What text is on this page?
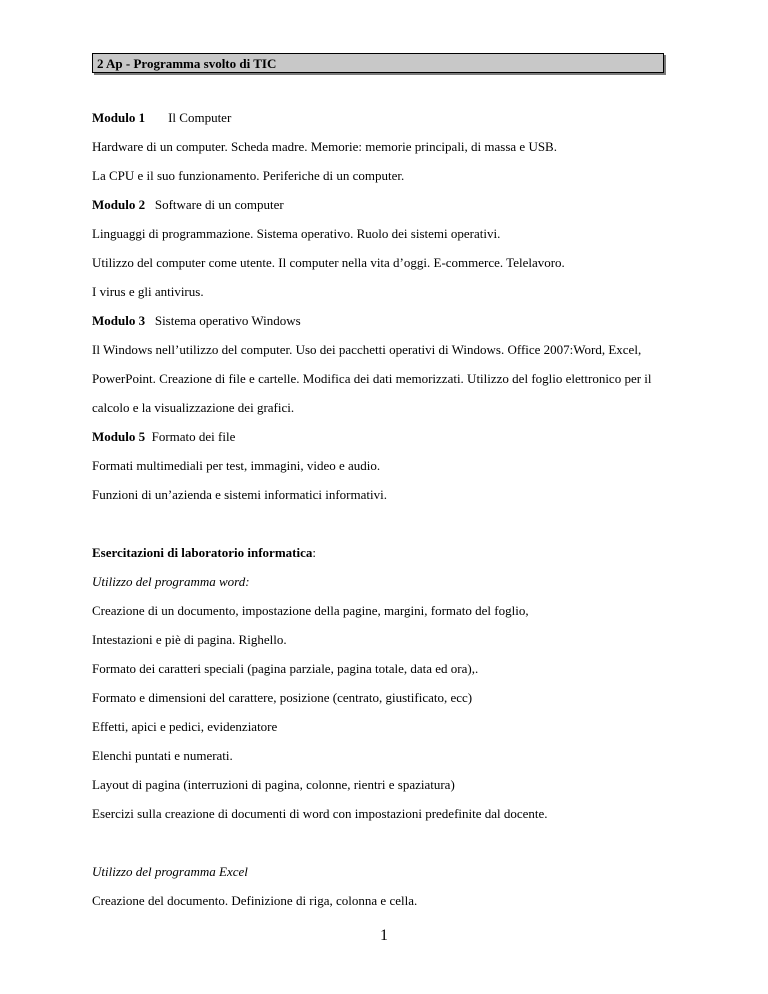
2 Ap - Programma svolto di TIC
Modulo 1 Il Computer
Hardware di un computer. Scheda madre. Memorie: memorie principali, di massa e USB.
La CPU e il suo funzionamento. Periferiche di un computer.
Modulo 2 Software di un computer
Linguaggi di programmazione. Sistema operativo. Ruolo dei sistemi operativi.
Utilizzo del computer come utente. Il computer nella vita d’oggi. E-commerce. Telelavoro.
I virus e gli antivirus.
Modulo 3 Sistema operativo Windows
Il Windows nell’utilizzo del computer. Uso dei pacchetti operativi di Windows. Office 2007:Word, Excel,
PowerPoint. Creazione di file e cartelle. Modifica dei dati memorizzati. Utilizzo del foglio elettronico per il
calcolo e la visualizzazione dei grafici.
Modulo 5 Formato dei file
Formati multimediali per test, immagini, video e audio.
Funzioni di un’azienda e sistemi informatici informativi.
Esercitazioni di laboratorio informatica:
Utilizzo del programma word:
Creazione di un documento, impostazione della pagine, margini, formato del foglio,
Intestazioni e piè di pagina. Righello.
Formato dei caratteri speciali (pagina parziale, pagina totale, data ed ora),.
Formato e dimensioni del carattere, posizione (centrato, giustificato, ecc)
Effetti, apici e pedici, evidenziatore
Elenchi puntati e numerati.
Layout di pagina (interruzioni di pagina, colonne, rientri e spaziatura)
Esercizi sulla creazione di documenti di word con impostazioni predefinite dal docente.
Utilizzo del programma Excel
Creazione del documento. Definizione di riga, colonna e cella.
1
